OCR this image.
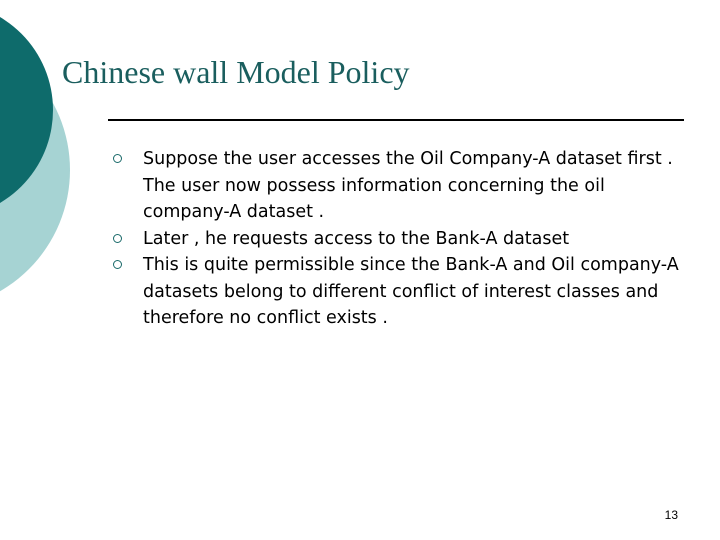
Chinese wall Model Policy
Suppose the user accesses the Oil Company-A dataset first . The user now possess information concerning the oil company-A dataset .
Later , he requests access to the Bank-A dataset
This is quite permissible since the Bank-A and Oil company-A datasets belong to different conflict of interest classes and therefore no conflict exists .
13
